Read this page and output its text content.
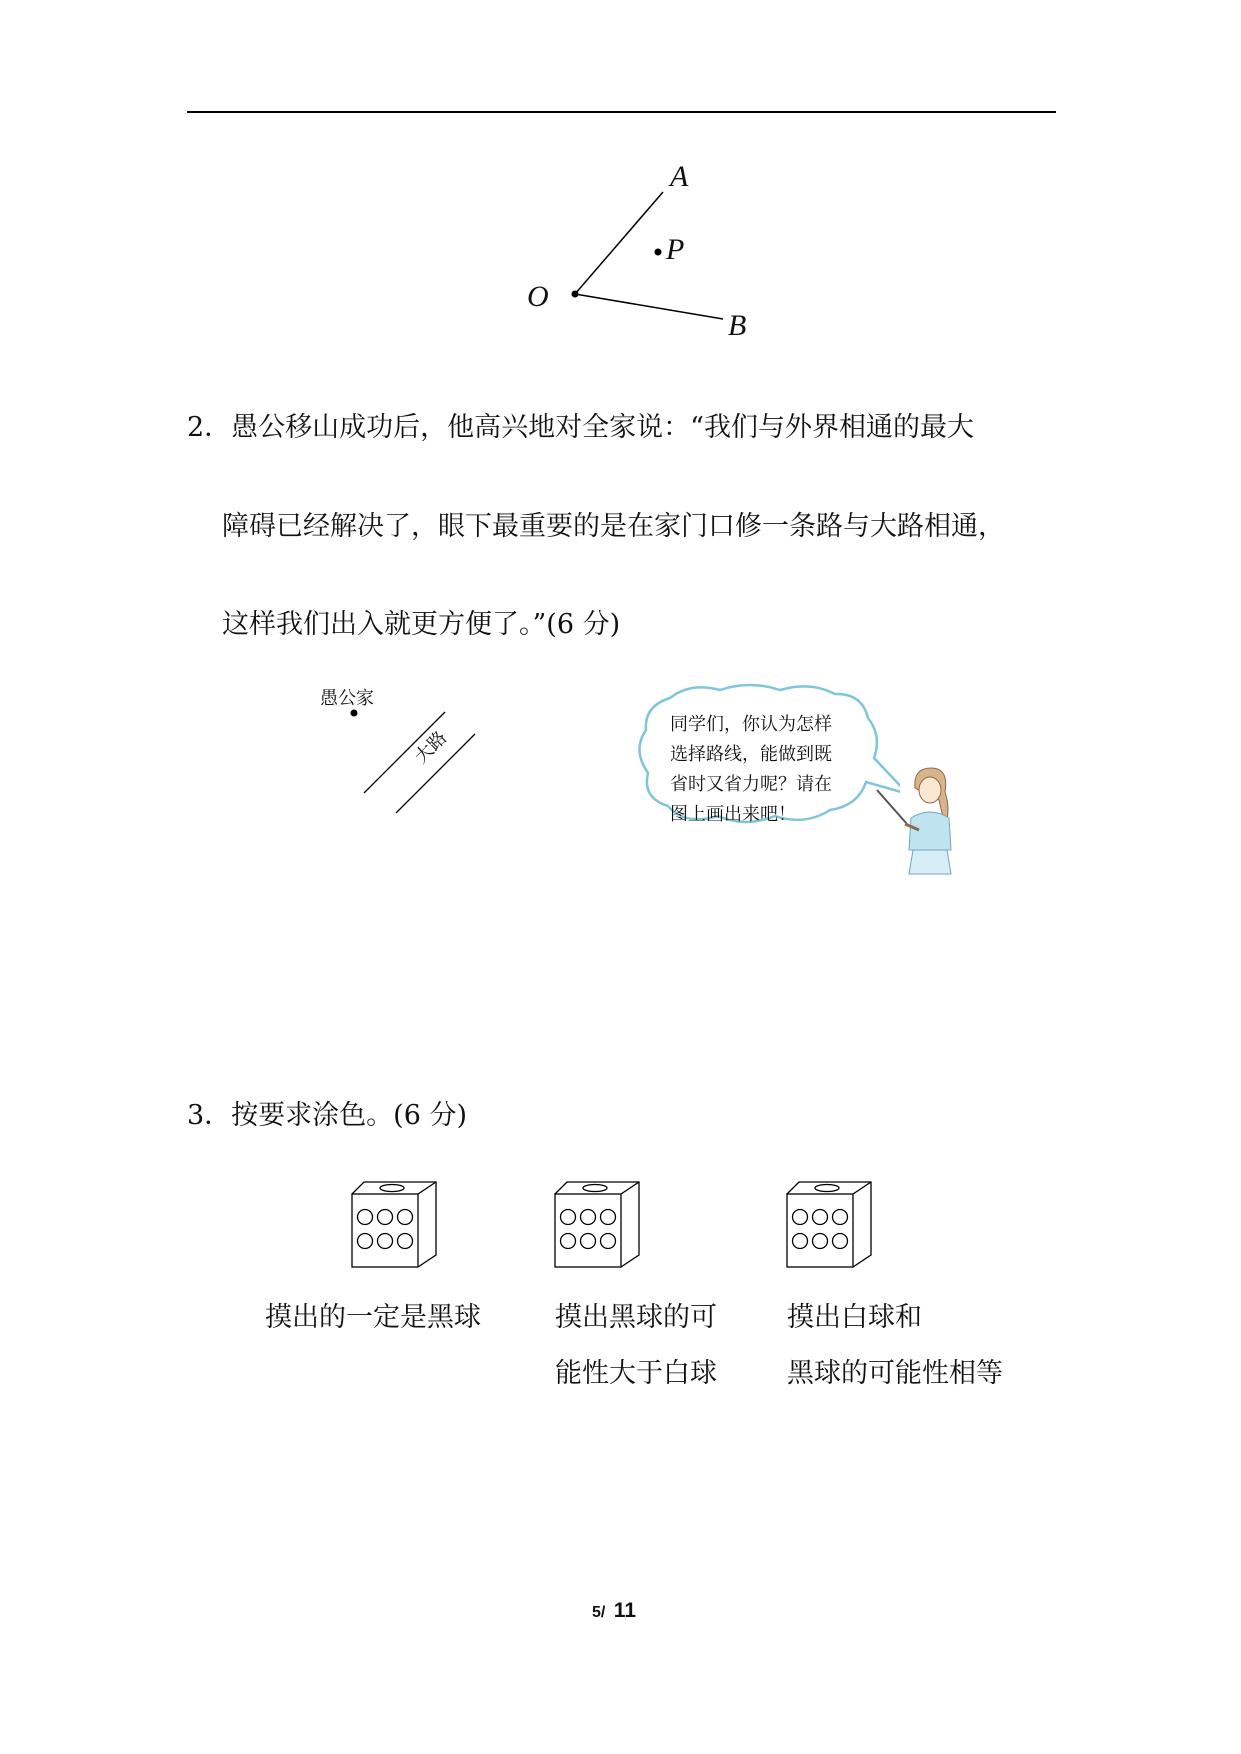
A
P
O
B
2．愚公移山成功后，他高兴地对全家说：“我们与外界相通的最大
障碍已经解决了，眼下最重要的是在家门口修一条路与大路相通，
这样我们出入就更方便了。”(6 分)
愚公家
大路
同学们，你认为怎样
选择路线，能做到既
省时又省力呢？请在
图上画出来吧！
3．按要求涂色。(6 分)
摸出的一定是黑球	摸出黑球的可
能性大于白球
摸出白球和
黑球的可能性相等
5/ 11
